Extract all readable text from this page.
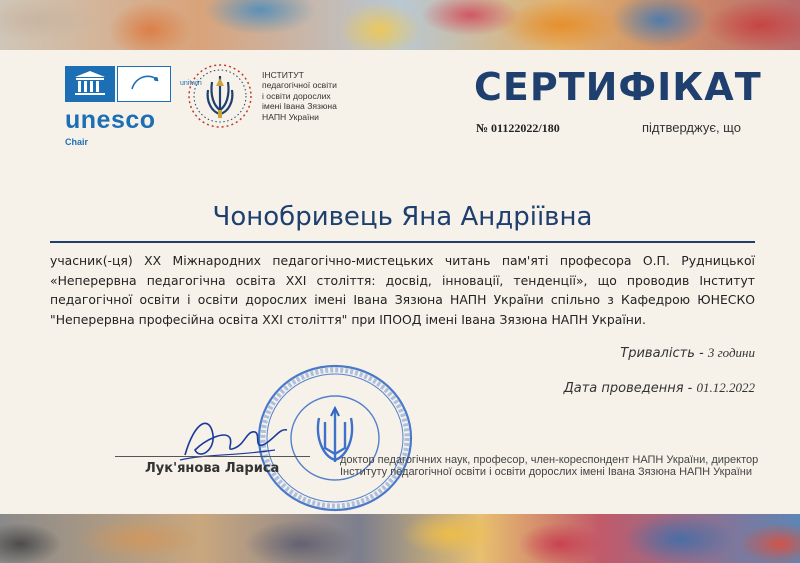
unitwin
unesco
Chair
ІНСТИТУТ
педагогічної освіти
і освіти дорослих
імені Івана Зязюна
НАПН України
СЕРТИФІКАТ
№ 01122022/180	підтверджує, що
Чонобривець Яна Андріївна
учасник(-ця) ХХ Міжнародних педагогічно-мистецьких читань пам'яті професора О.П. Рудницької «Неперервна педагогічна освіта ХХІ століття: досвід, інновації, тенденції», що проводив Інститут педагогічної освіти і освіти дорослих імені Івана Зязюна НАПН України спільно з Кафедрою ЮНЕСКО "Неперервна професійна освіта ХХІ століття" при ІПООД імені Івана Зязюна НАПН України.
Тривалість - 3 години
Дата проведення - 01.12.2022
Лук'янова Лариса
доктор педагогічних наук, професор, член-кореспондент НАПН України, директор Інституту педагогічної освіти і освіти дорослих імені Івана Зязюна НАПН України
